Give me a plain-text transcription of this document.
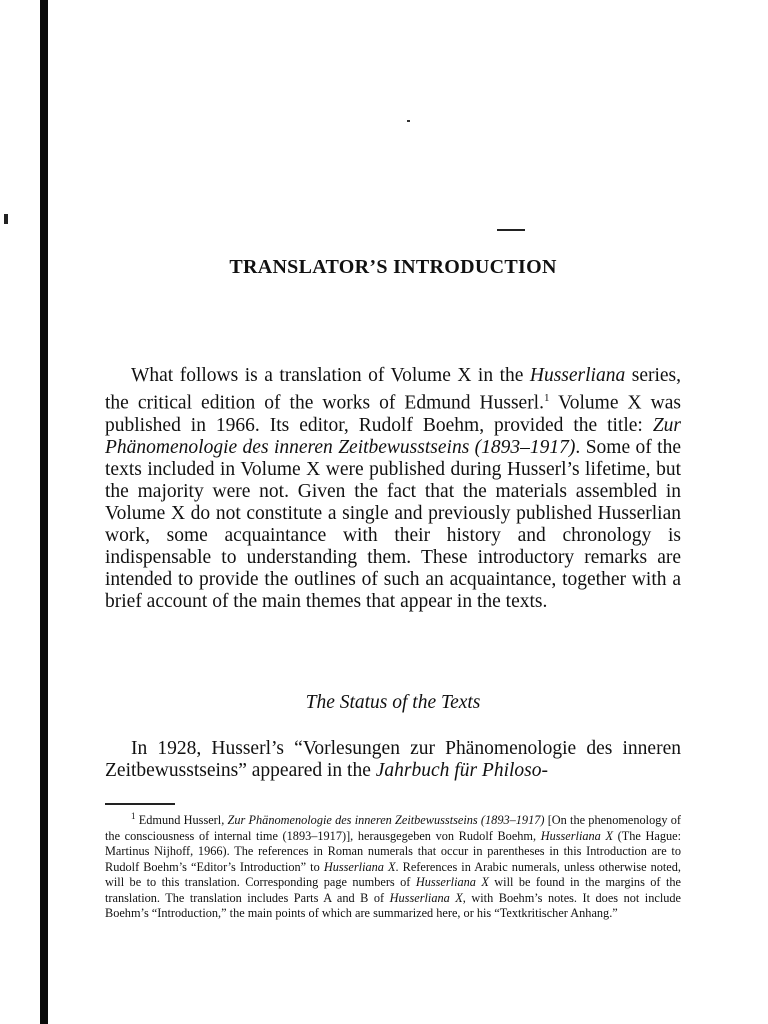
TRANSLATOR’S INTRODUCTION

What follows is a translation of Volume X in the Husserliana series, the critical edition of the works of Edmund Husserl.$^1$ Volume X was published in 1966. Its editor, Rudolf Boehm, provided the title: Zur Phänomenologie des inneren Zeitbewusstseins (1893–1917). Some of the texts included in Volume X were published during Husserl’s lifetime, but the majority were not. Given the fact that the materials assembled in Volume X do not constitute a single and previously published Husserlian work, some acquaintance with their history and chronology is indispensable to understanding them. These introductory remarks are intended to provide the outlines of such an acquaintance, together with a brief account of the main themes that appear in the texts.

The Status of the Texts

In 1928, Husserl’s “Vorlesungen zur Phänomenologie des inneren Zeitbewusstseins” appeared in the Jahrbuch für Philoso-

$^1$ Edmund Husserl, Zur Phänomenologie des inneren Zeitbewusstseins (1893–1917) [On the phenomenology of the consciousness of internal time (1893–1917)], herausgegeben von Rudolf Boehm, Husserliana X (The Hague: Martinus Nijhoff, 1966). The references in Roman numerals that occur in parentheses in this Introduction are to Rudolf Boehm’s “Editor’s Introduction” to Husserliana X. References in Arabic numerals, unless otherwise noted, will be to this translation. Corresponding page numbers of Husserliana X will be found in the margins of the translation. The translation includes Parts A and B of Husserliana X, with Boehm’s notes. It does not include Boehm’s “Introduction,” the main points of which are summarized here, or his “Textkritischer Anhang.”
